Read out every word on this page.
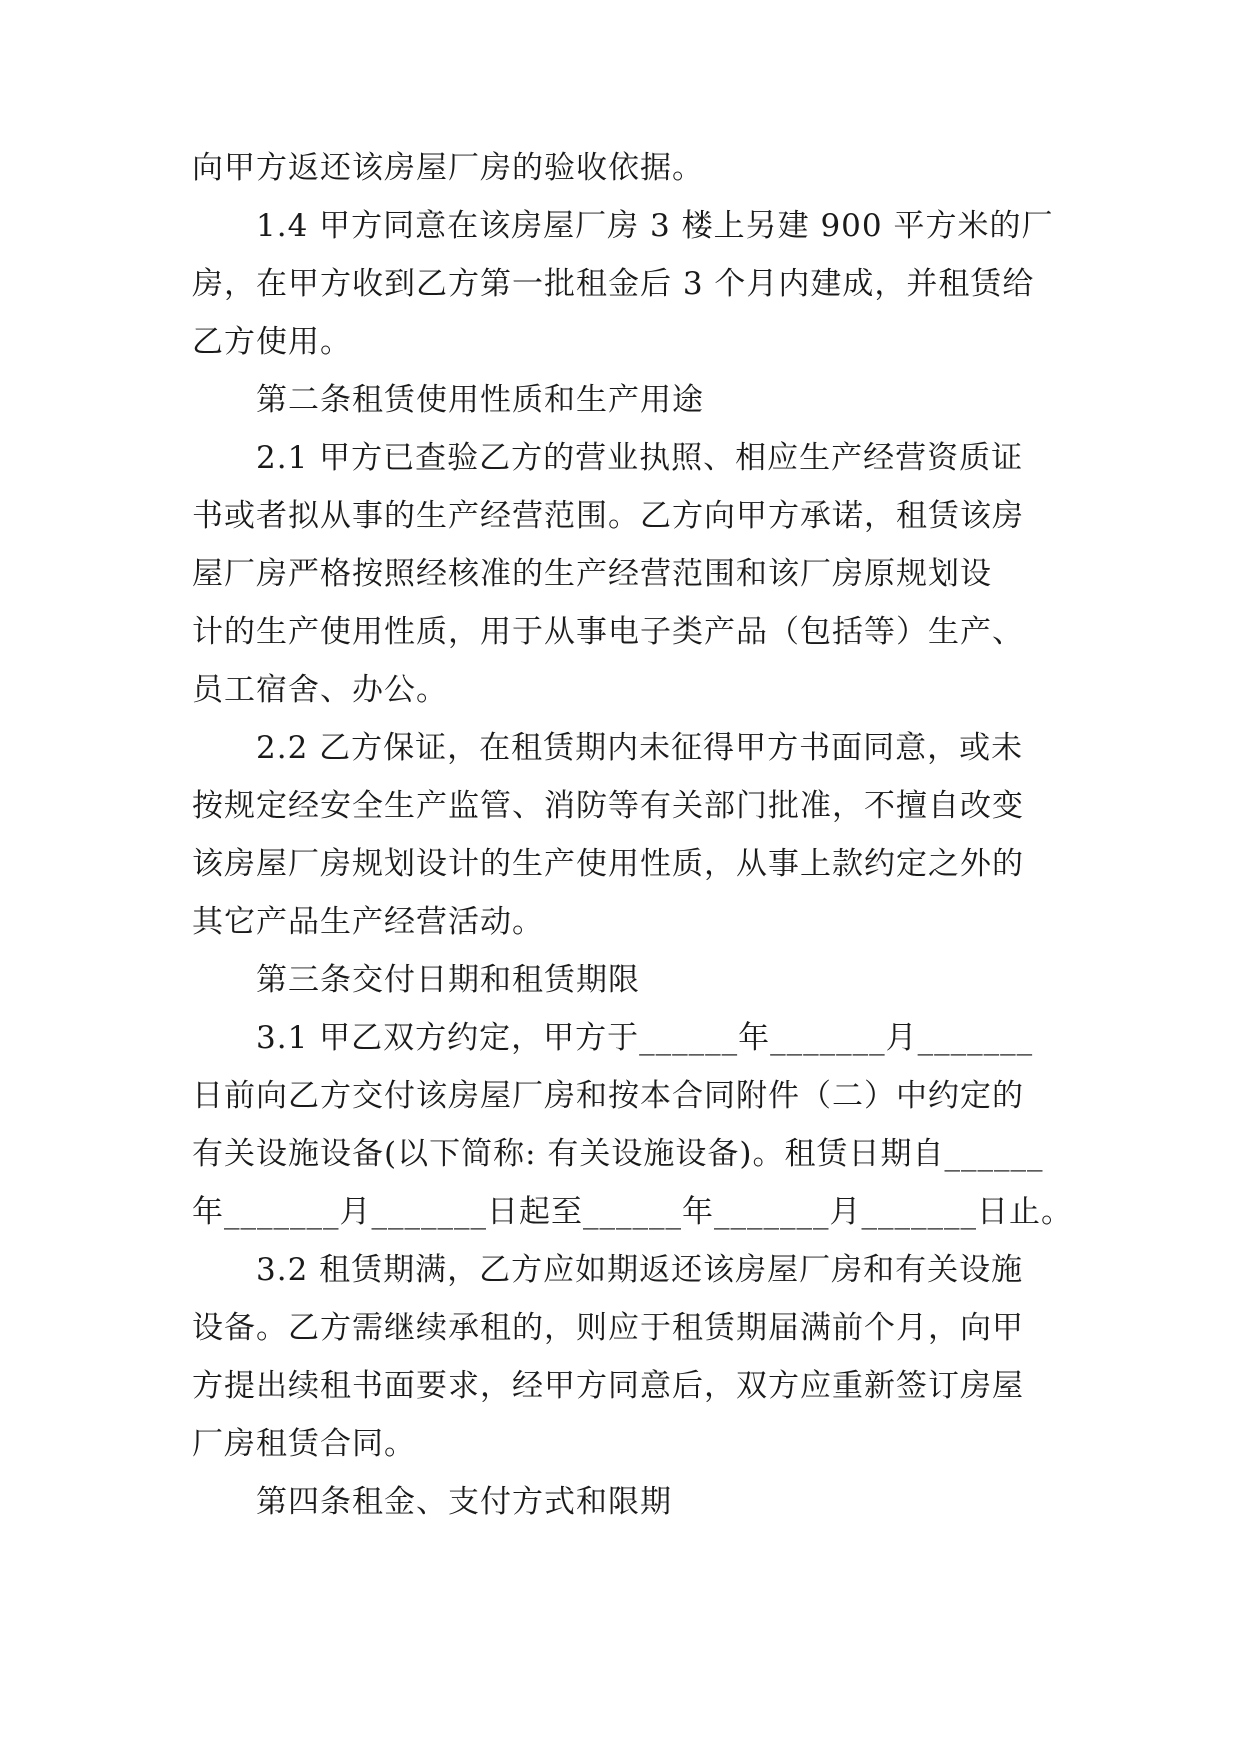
向甲方返还该房屋厂房的验收依据。
1.4 甲方同意在该房屋厂房 3 楼上另建 900 平方米的厂
房，在甲方收到乙方第一批租金后 3 个月内建成，并租赁给
乙方使用。
第二条租赁使用性质和生产用途
2.1 甲方已查验乙方的营业执照、相应生产经营资质证
书或者拟从事的生产经营范围。乙方向甲方承诺，租赁该房
屋厂房严格按照经核准的生产经营范围和该厂房原规划设
计的生产使用性质，用于从事电子类产品（包括等）生产、
员工宿舍、办公。
2.2 乙方保证，在租赁期内未征得甲方书面同意，或未
按规定经安全生产监管、消防等有关部门批准，不擅自改变
该房屋厂房规划设计的生产使用性质，从事上款约定之外的
其它产品生产经营活动。
第三条交付日期和租赁期限
3.1 甲乙双方约定，甲方于______年_______月_______
日前向乙方交付该房屋厂房和按本合同附件（二）中约定的
有关设施设备(以下简称: 有关设施设备)。租赁日期自______
年_______月_______日起至______年_______月_______日止。
3.2 租赁期满，乙方应如期返还该房屋厂房和有关设施
设备。乙方需继续承租的，则应于租赁期届满前个月，向甲
方提出续租书面要求，经甲方同意后，双方应重新签订房屋
厂房租赁合同。
第四条租金、支付方式和限期
